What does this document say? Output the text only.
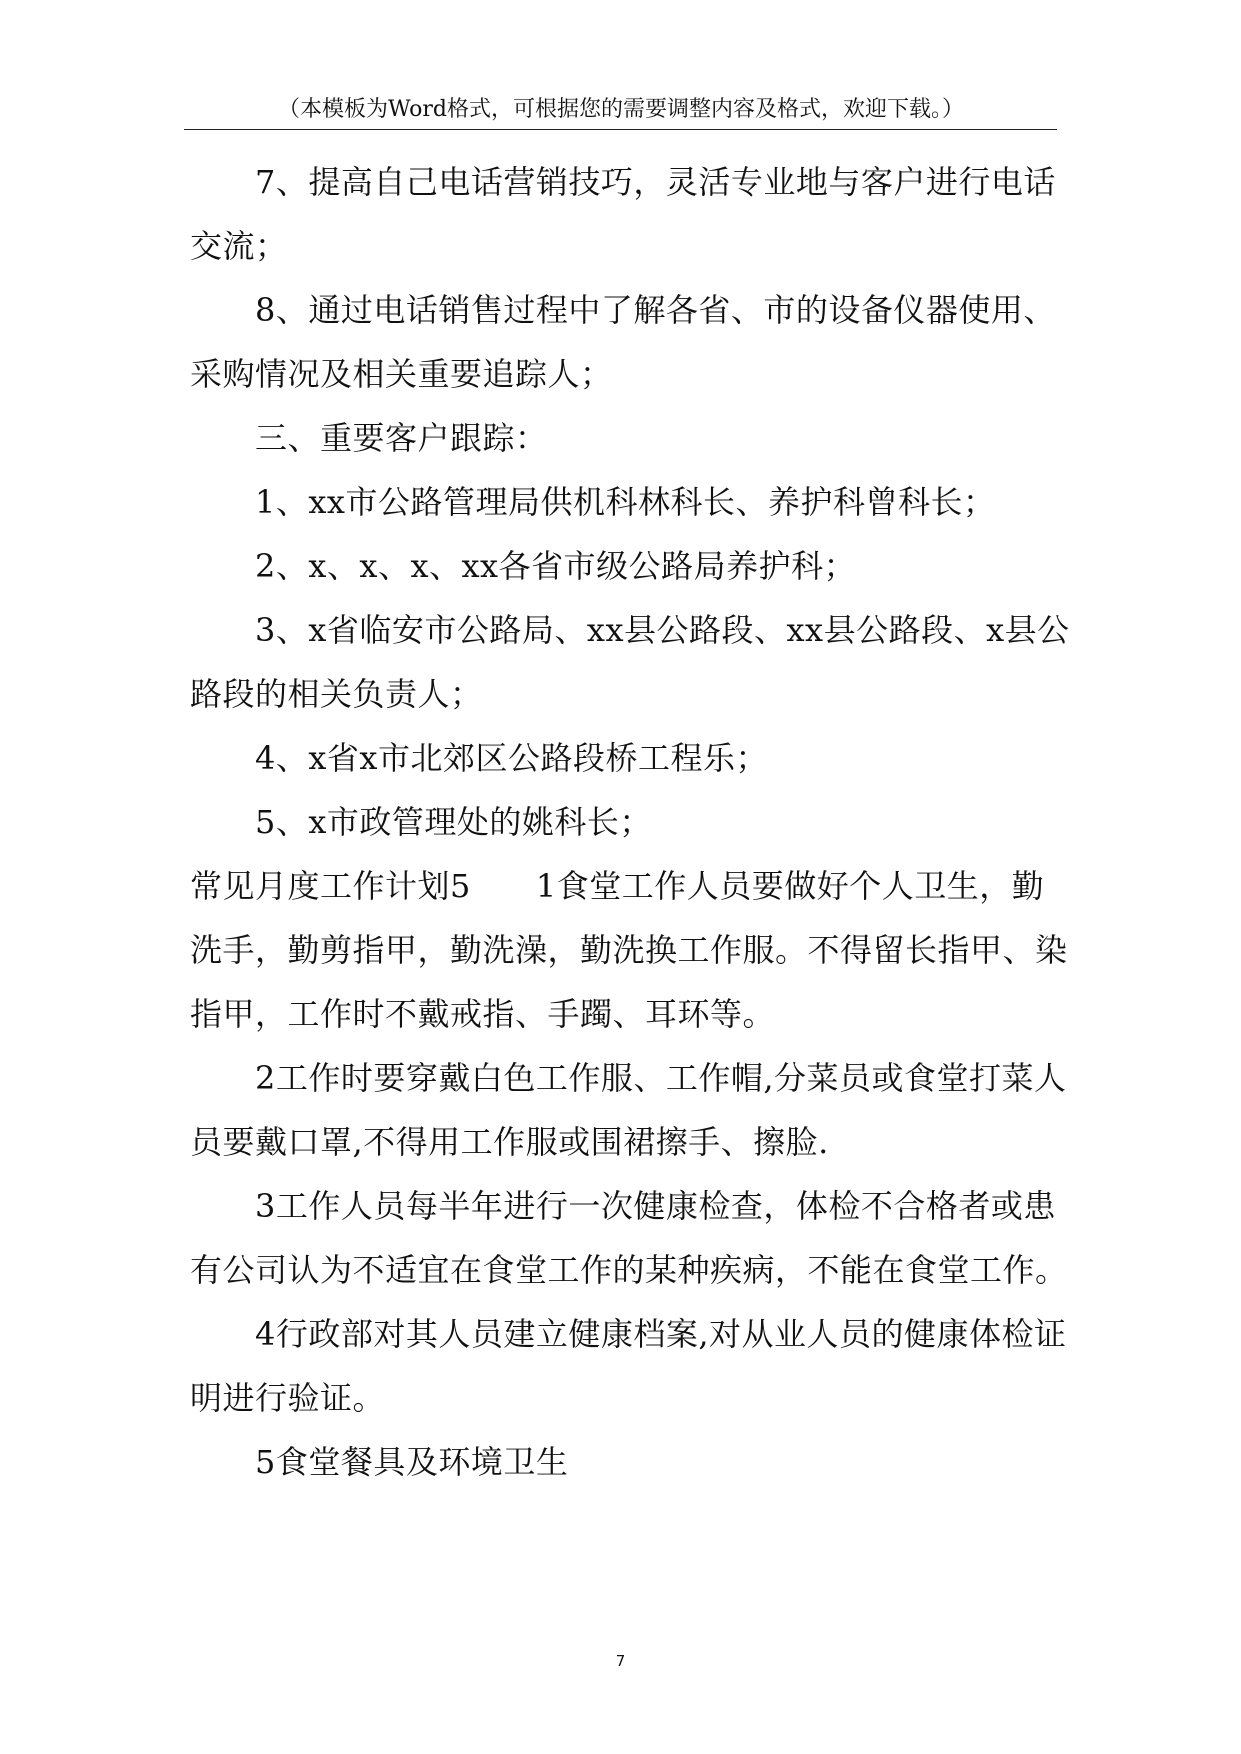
（本模板为Word格式，可根据您的需要调整内容及格式，欢迎下载。）
7、提高自己电话营销技巧，灵活专业地与客户进行电话交流；
8、通过电话销售过程中了解各省、市的设备仪器使用、采购情况及相关重要追踪人；
三、重要客户跟踪：
1、xx市公路管理局供机科林科长、养护科曾科长；
2、x、x、x、xx各省市级公路局养护科；
3、x省临安市公路局、xx县公路段、xx县公路段、x县公路段的相关负责人；
4、x省x市北郊区公路段桥工程乐；
5、x市政管理处的姚科长；
常见月度工作计划5　　1食堂工作人员要做好个人卫生，勤洗手，勤剪指甲，勤洗澡，勤洗换工作服。不得留长指甲、染指甲，工作时不戴戒指、手躅、耳环等。
2工作时要穿戴白色工作服、工作帽,分菜员或食堂打菜人员要戴口罩,不得用工作服或围裙擦手、擦脸.
3工作人员每半年进行一次健康检查，体检不合格者或患有公司认为不适宜在食堂工作的某种疾病，不能在食堂工作。
4行政部对其人员建立健康档案,对从业人员的健康体检证明进行验证。
5食堂餐具及环境卫生
7
